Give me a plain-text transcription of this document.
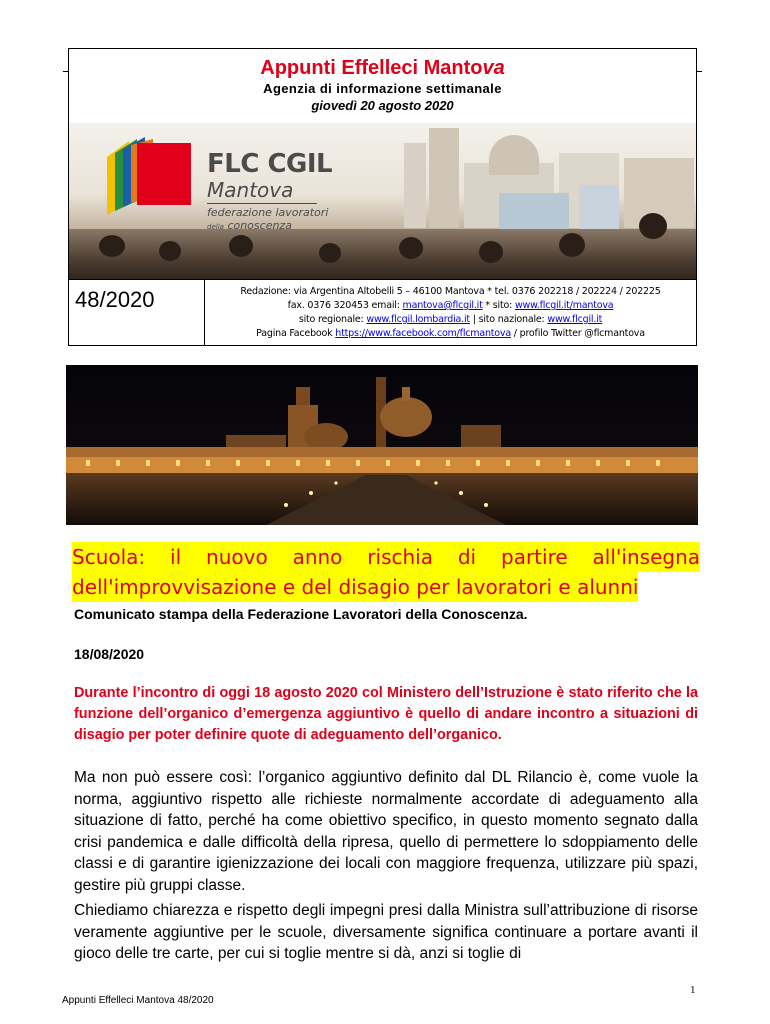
Appunti Effelleci Mantova
Agenzia di informazione settimanale
giovedì 20 agosto 2020
FLC CGIL
Mantova
federazione lavoratori
della conoscenza
48/2020	Redazione: via Argentina Altobelli 5 – 46100 Mantova * tel. 0376 202218 / 202224 / 202225
fax. 0376 320453 email: mantova@flcgil.it * sito: www.flcgil.it/mantova
sito regionale: www.flcgil.lombardia.it | sito nazionale: www.flcgil.it
Pagina Facebook https://www.facebook.com/flcmantova / profilo Twitter @flcmantova
Scuola: il nuovo anno rischia di partire all'insegna
dell'improvvisazione e del disagio per lavoratori e alunni
Comunicato stampa della Federazione Lavoratori della Conoscenza.
18/08/2020
Durante l’incontro di oggi 18 agosto 2020 col Ministero dell’Istruzione è stato riferito che la funzione dell’organico d’emergenza aggiuntivo è quello di andare incontro a situazioni di disagio per poter definire quote di adeguamento dell’organico.
Ma non può essere così: l’organico aggiuntivo definito dal DL Rilancio è, come vuole la norma, aggiuntivo rispetto alle richieste normalmente accordate di adeguamento alla situazione di fatto, perché ha come obiettivo specifico, in questo momento segnato dalla crisi pandemica e dalle difficoltà della ripresa, quello di permettere lo sdoppiamento delle classi e di garantire igienizzazione dei locali con maggiore frequenza, utilizzare più spazi, gestire più gruppi classe.
Chiediamo chiarezza e rispetto degli impegni presi dalla Ministra sull’attribuzione di risorse veramente aggiuntive per le scuole, diversamente significa continuare a portare avanti il gioco delle tre carte, per cui si toglie mentre si dà, anzi si toglie di
1
Appunti Effelleci Mantova 48/2020
